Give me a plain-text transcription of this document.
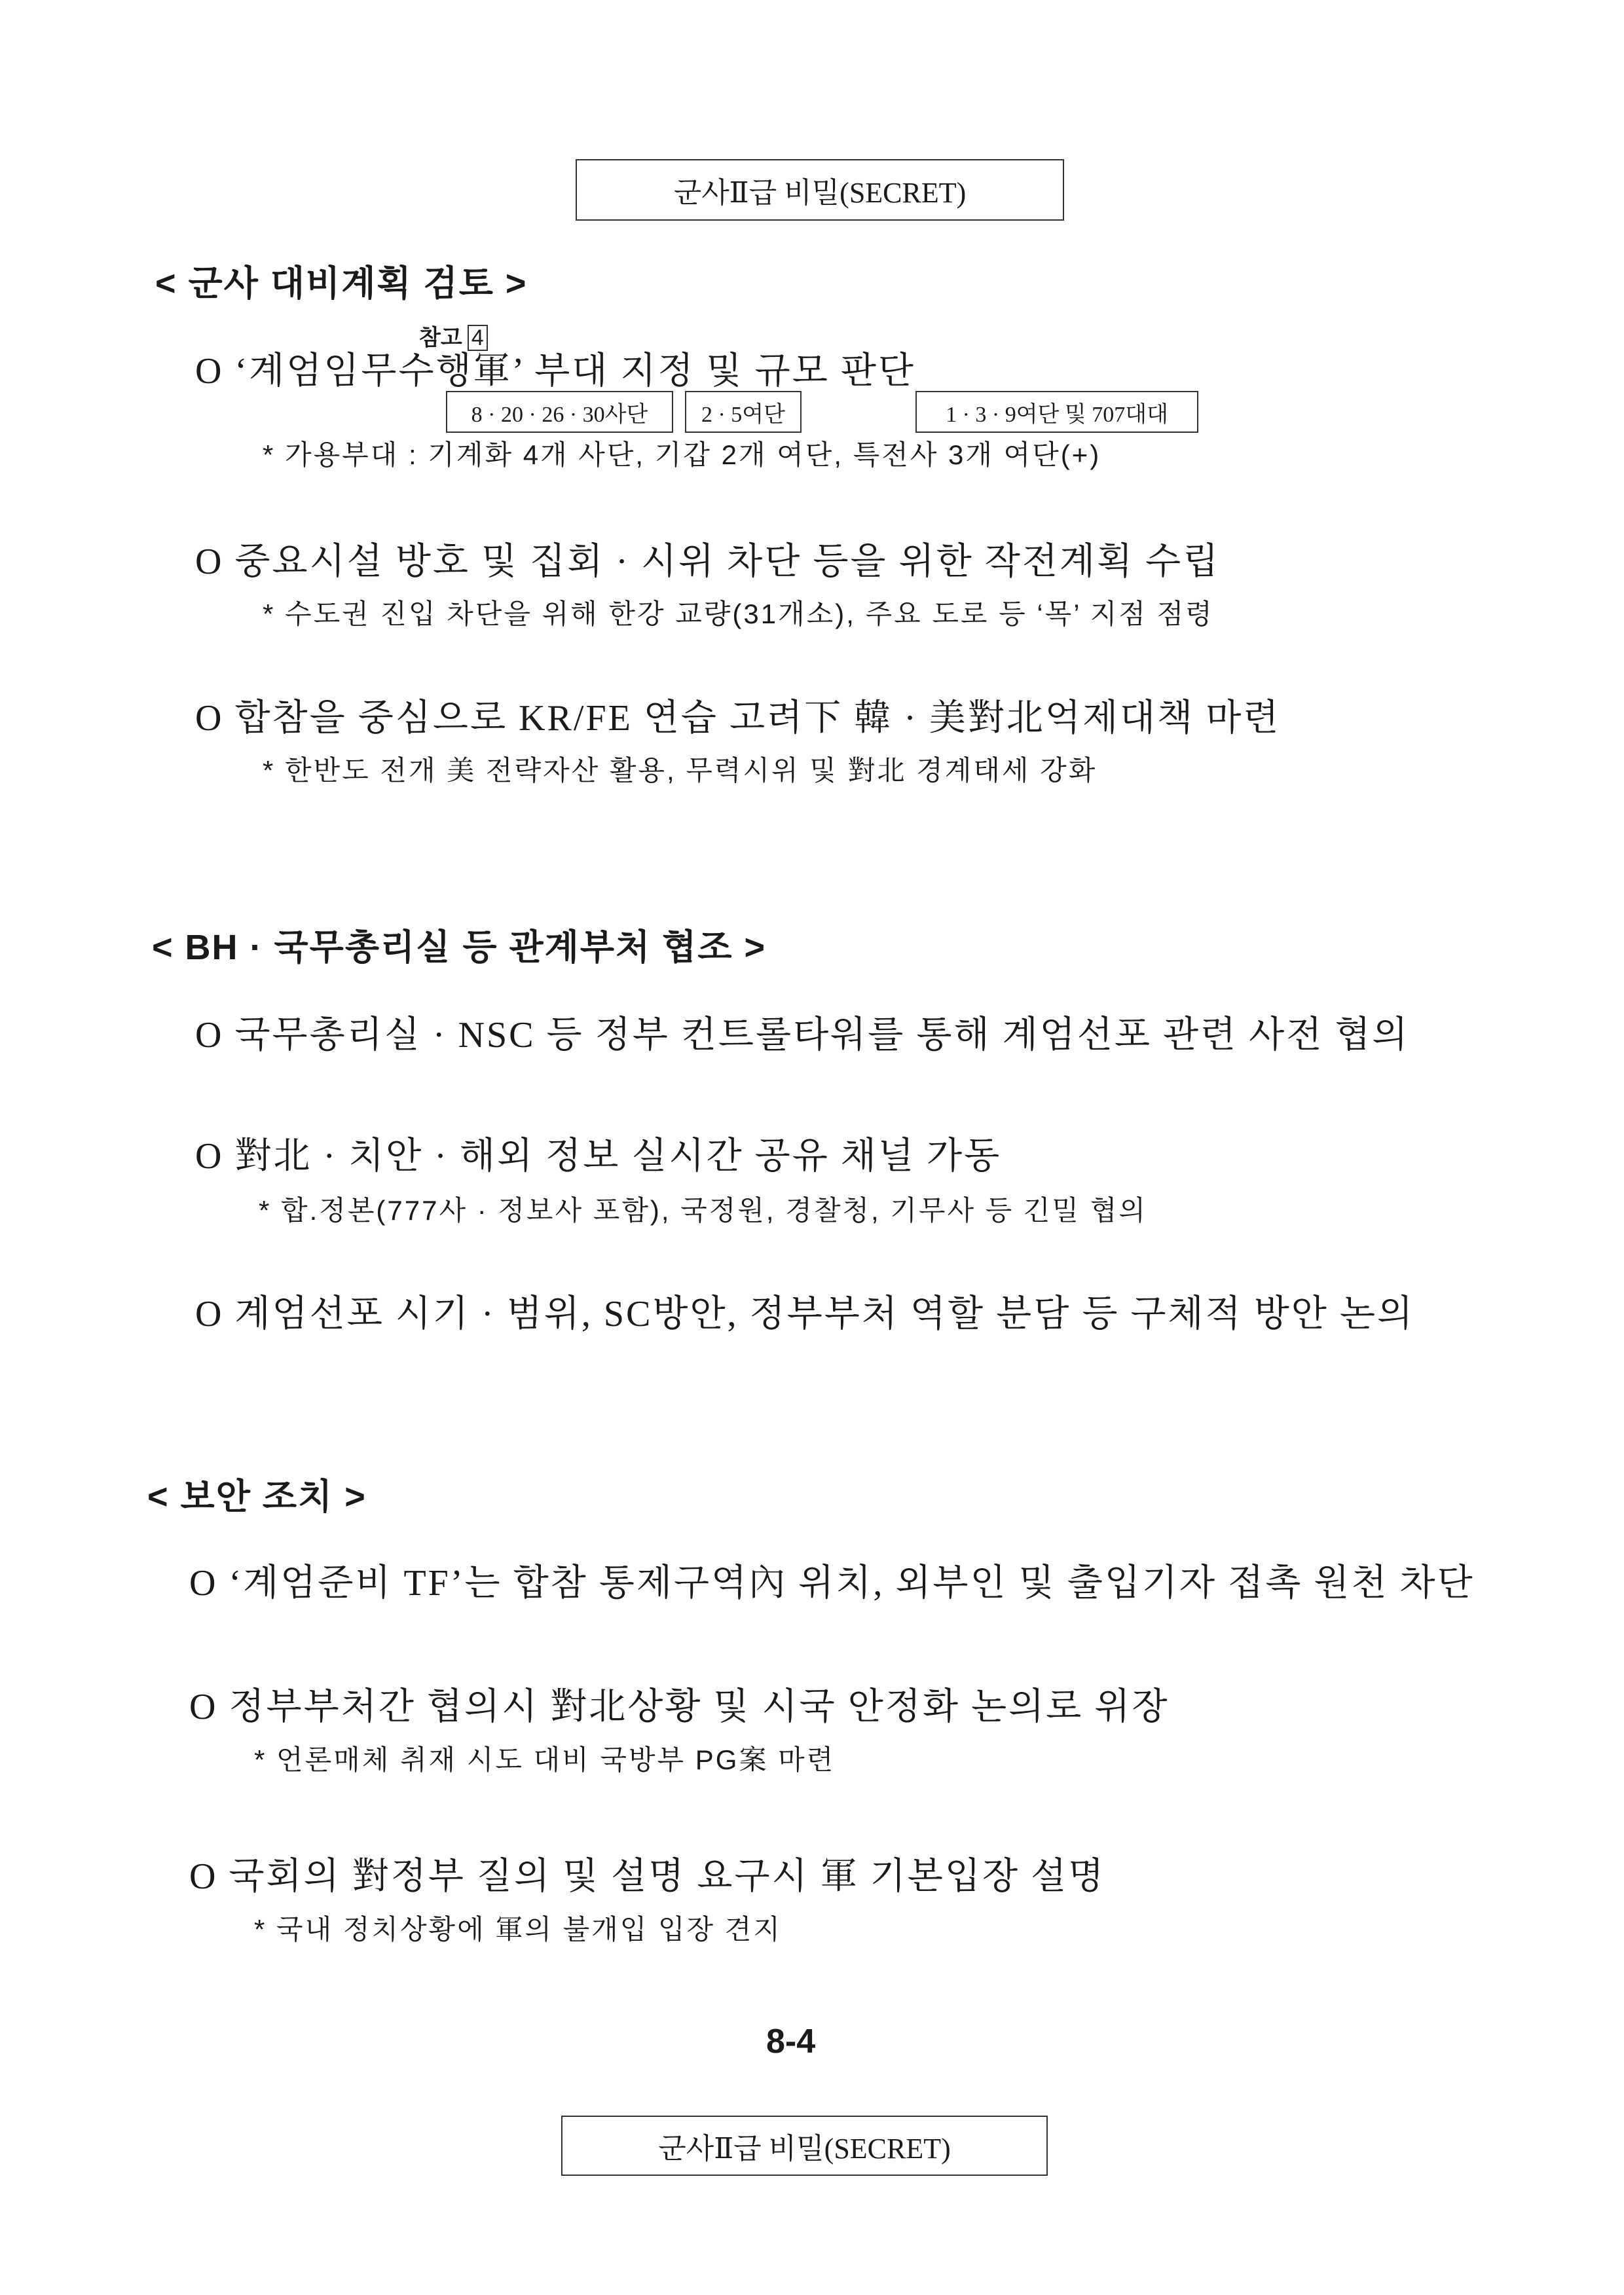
군사Ⅱ급 비밀(SECRET)
< 군사 대비계획 검토 >
참고 4
O ‘계엄임무수행軍’ 부대 지정 및 규모 판단
8 · 20 · 26 · 30사단	2 · 5여단	1 · 3 · 9여단 및 707대대
* 가용부대 : 기계화 4개 사단, 기갑 2개 여단, 특전사 3개 여단(+)
O 중요시설 방호 및 집회 · 시위 차단 등을 위한 작전계획 수립
* 수도권 진입 차단을 위해 한강 교량(31개소), 주요 도로 등 ‘목’ 지점 점령
O 합참을 중심으로 KR/FE 연습 고려下 韓 · 美對北억제대책 마련
* 한반도 전개 美 전략자산 활용, 무력시위 및 對北 경계태세 강화
< BH · 국무총리실 등 관계부처 협조 >
O 국무총리실 · NSC 등 정부 컨트롤타워를 통해 계엄선포 관련 사전 협의
O 對北 · 치안 · 해외 정보 실시간 공유 채널 가동
* 합.정본(777사 · 정보사 포함), 국정원, 경찰청, 기무사 등 긴밀 협의
O 계엄선포 시기 · 범위, SC방안, 정부부처 역할 분담 등 구체적 방안 논의
< 보안 조치 >
O ‘계엄준비 TF’는 합참 통제구역內 위치, 외부인 및 출입기자 접촉 원천 차단
O 정부부처간 협의시 對北상황 및 시국 안정화 논의로 위장
* 언론매체 취재 시도 대비 국방부 PG案 마련
O 국회의 對정부 질의 및 설명 요구시 軍 기본입장 설명
* 국내 정치상황에 軍의 불개입 입장 견지
8-4
군사Ⅱ급 비밀(SECRET)
